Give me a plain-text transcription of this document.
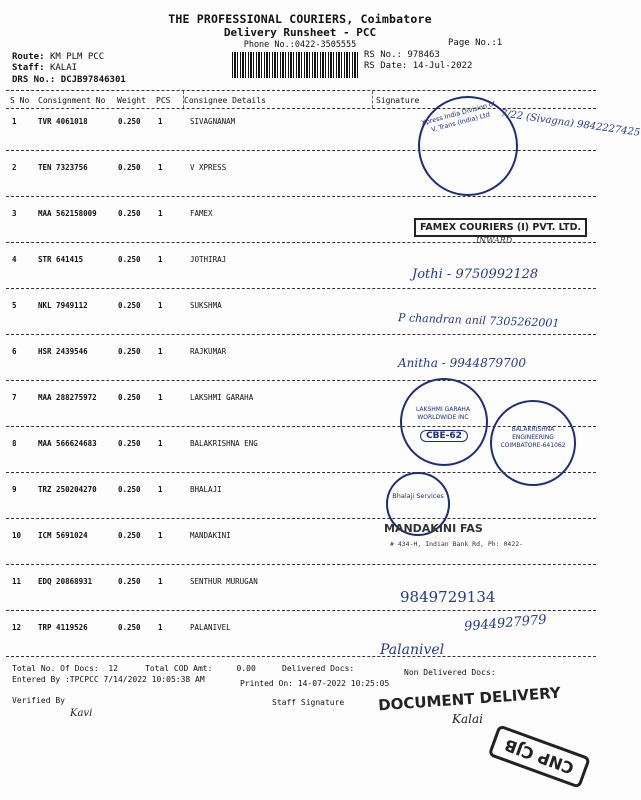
THE PROFESSIONAL COURIERS, Coimbatore
Delivery Runsheet - PCC
Phone No.:0422-3505555	Page No.:1
Route: KM PLM PCC
Staff: KALAI
DRS No.: DCJB97846301
RS No.: 978463
RS Date: 14-Jul-2022
S No Consignment No Weight PCS Consignee Details	Signature
1	TVR 4061018	0.250 1	SIVAGNANAM
2	TEN 7323756	0.250 1	V XPRESS
3	MAA 562158009	0.250 1	FAMEX
4	STR 641415	0.250 1	JOTHIRAJ
5	NKL 7949112	0.250 1	SUKSHMA
6	HSR 2439546	0.250 1	RAJKUMAR
7	MAA 288275972	0.250 1	LAKSHMI GARAHA
8	MAA 566624683	0.250 1	BALAKRISHNA ENG
9	TRZ 250204270	0.250 1	BHALAJI
10 ICM 5691024	0.250 1	MANDAKINI
11 EDQ 20868931	0.250 1	SENTHUR MURUGAN
12 TRP 4119526	0.250 1	PALANIVEL
Total No. Of Docs: 12	Total COD Amt:	0.00	Delivered Docs:	Non Delivered Docs:
Entered By :TPCPCC 7/14/2022 10:05:38 AM	Printed On: 14-07-2022 10:25:05
Verified By	Staff Signature
Xpress India Division of V. Trans (India) Ltd 7/22 (Sivagna) 9842227425
FAMEX COURIERS (I) PVT. LTD.
INWARD
Jothi - 9750992128
P chandran anil 7305262001
Anitha - 9944879700
LAKSHMI GARAHA WORLDWIDE INC
CBE-62
BALAKRISHNA ENGINEERING COIMBATORE-641062
Bhalaji Services
MANDAKINI FAS
# 434-H, Indian Bank Rd, Ph: 0422-
9849729134
9944927979
Palanivel
Kavi	DOCUMENT DELIVERY
Kalai
CNP CJB
